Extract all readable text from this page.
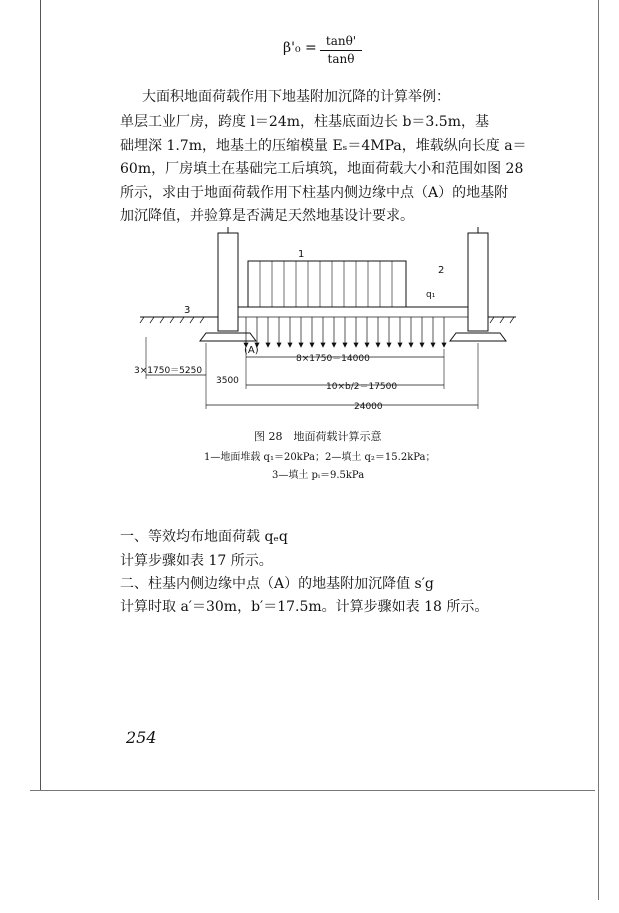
β'₀ = tanθ'
tanθ
大面积地面荷载作用下地基附加沉降的计算举例：
单层工业厂房，跨度 l＝24m，柱基底面边长 b＝3.5m，基
础埋深 1.7m，地基土的压缩模量 Eₛ＝4MPa，堆载纵向长度 a＝
60m，厂房填土在基础完工后填筑，地面荷载大小和范围如图 28
所示，求由于地面荷载作用下柱基内侧边缘中点（A）的地基附
加沉降值，并验算是否满足天然地基设计要求。
1
2
3
q₁
(A)
8×1750＝14000
3×1750＝5250
3500
10×b/2＝17500
24000
图 28　地面荷载计算示意
1—地面堆载 q₁＝20kPa；2—填土 q₂＝15.2kPa；
3—填土 pᵢ＝9.5kPa
一、等效均布地面荷载 qₑq
计算步骤如表 17 所示。
二、柱基内侧边缘中点（A）的地基附加沉降值 s′g
计算时取 a′＝30m，b′＝17.5m。计算步骤如表 18 所示。
254
